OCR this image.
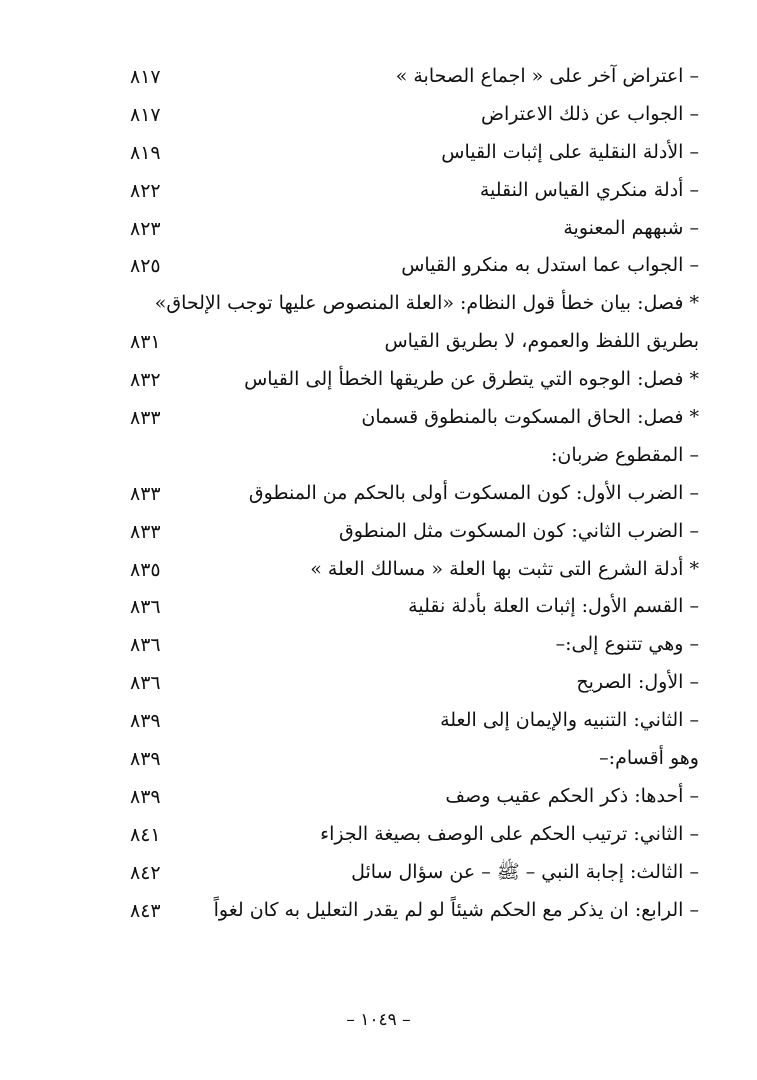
– اعتراض آخر على « اجماع الصحابة »
٨١٧
– الجواب عن ذلك الاعتراض
٨١٧
– الأدلة النقلية على إثبات القياس
٨١٩
– أدلة منكري القياس النقلية
٨٢٢
– شبههم المعنوية
٨٢٣
– الجواب عما استدل به منكرو القياس
٨٢٥
* فصل: بيان خطأ قول النظام: «العلة المنصوص عليها توجب الإلحاق»
بطريق اللفظ والعموم، لا بطريق القياس
٨٣١
* فصل: الوجوه التي يتطرق عن طريقها الخطأ إلى القياس
٨٣٢
* فصل: الحاق المسكوت بالمنطوق قسمان
٨٣٣
– المقطوع ضربان:
– الضرب الأول: كون المسكوت أولى بالحكم من المنطوق
٨٣٣
– الضرب الثاني: كون المسكوت مثل المنطوق
٨٣٣
* أدلة الشرع التى تثبت بها العلة « مسالك العلة »
٨٣٥
– القسم الأول: إثبات العلة بأدلة نقلية
٨٣٦
– وهي تتنوع إلى:–
٨٣٦
– الأول: الصريح
٨٣٦
– الثاني: التنبيه والإيمان إلى العلة
٨٣٩
وهو أقسام:–
٨٣٩
– أحدها: ذكر الحكم عقيب وصف
٨٣٩
– الثاني: ترتيب الحكم على الوصف بصيغة الجزاء
٨٤١
– الثالث: إجابة النبي – ﷺ – عن سؤال سائل
٨٤٢
– الرابع: ان يذكر مع الحكم شيئاً لو لم يقدر التعليل به كان لغواً
٨٤٣
– ١٠٤٩ –
